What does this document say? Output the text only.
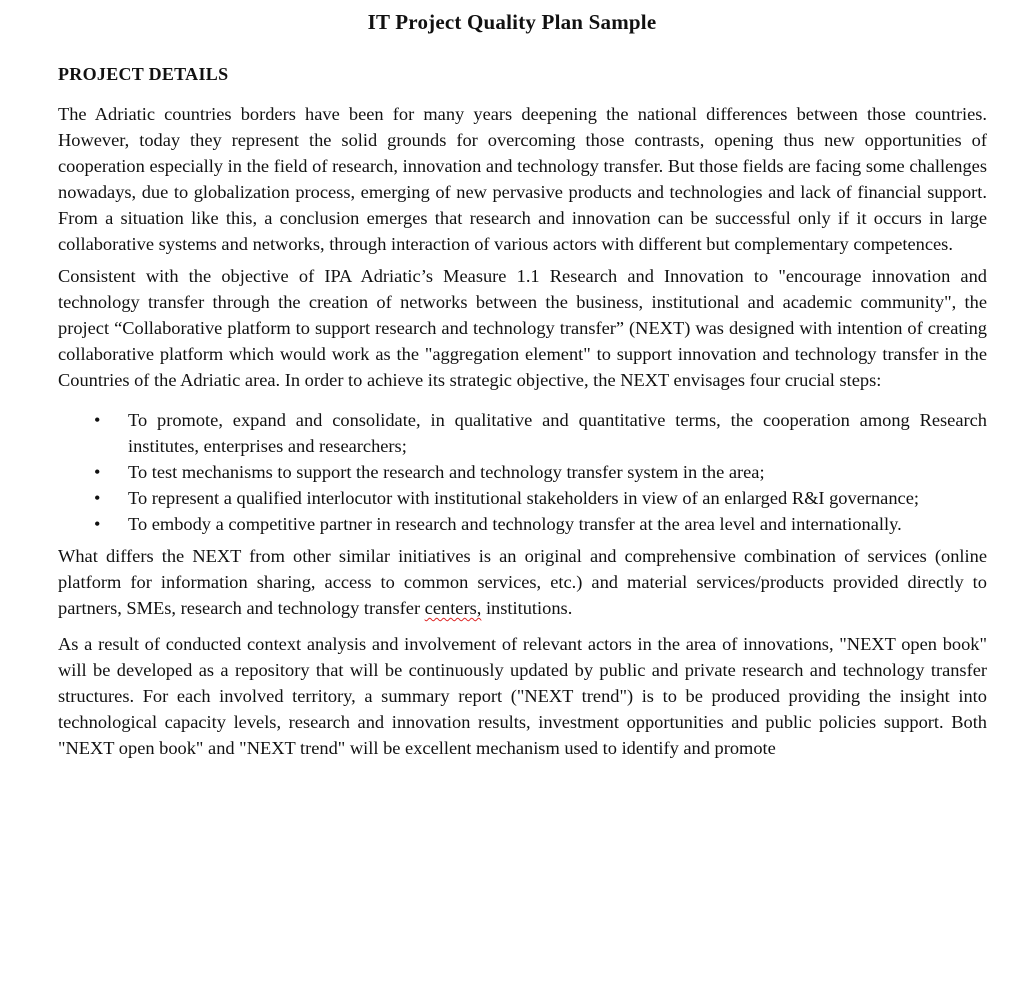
IT Project Quality Plan Sample
PROJECT DETAILS

The Adriatic countries borders have been for many years deepening the national differences between those countries. However, today they represent the solid grounds for overcoming those contrasts, opening thus new opportunities of cooperation especially in the field of research, innovation and technology transfer. But those fields are facing some challenges nowadays, due to globalization process, emerging of new pervasive products and technologies and lack of financial support. From a situation like this, a conclusion emerges that research and innovation can be successful only if it occurs in large collaborative systems and networks, through interaction of various actors with different but complementary competences.

Consistent with the objective of IPA Adriatic’s Measure 1.1 Research and Innovation to "encourage innovation and technology transfer through the creation of networks between the business, institutional and academic community", the project “Collaborative platform to support research and technology transfer” (NEXT) was designed with intention of creating collaborative platform which would work as the "aggregation element" to support innovation and technology transfer in the Countries of the Adriatic area. In order to achieve its strategic objective, the NEXT envisages four crucial steps:

•	To promote, expand and consolidate, in qualitative and quantitative terms, the cooperation among Research institutes, enterprises and researchers;
•	To test mechanisms to support the research and technology transfer system in the area;
•	To represent a qualified interlocutor with institutional stakeholders in view of an enlarged R&I governance;
•	To embody a competitive partner in research and technology transfer at the area level and internationally.

What differs the NEXT from other similar initiatives is an original and comprehensive combination of services (online platform for information sharing, access to common services, etc.) and material services/products provided directly to partners, SMEs, research and technology transfer centers, institutions.

As a result of conducted context analysis and involvement of relevant actors in the area of innovations, "NEXT open book" will be developed as a repository that will be continuously updated by public and private research and technology transfer structures. For each involved territory, a summary report ("NEXT trend") is to be produced providing the insight into technological capacity levels, research and innovation results, investment opportunities and public policies support. Both "NEXT open book" and "NEXT trend" will be excellent mechanism used to identify and promote
